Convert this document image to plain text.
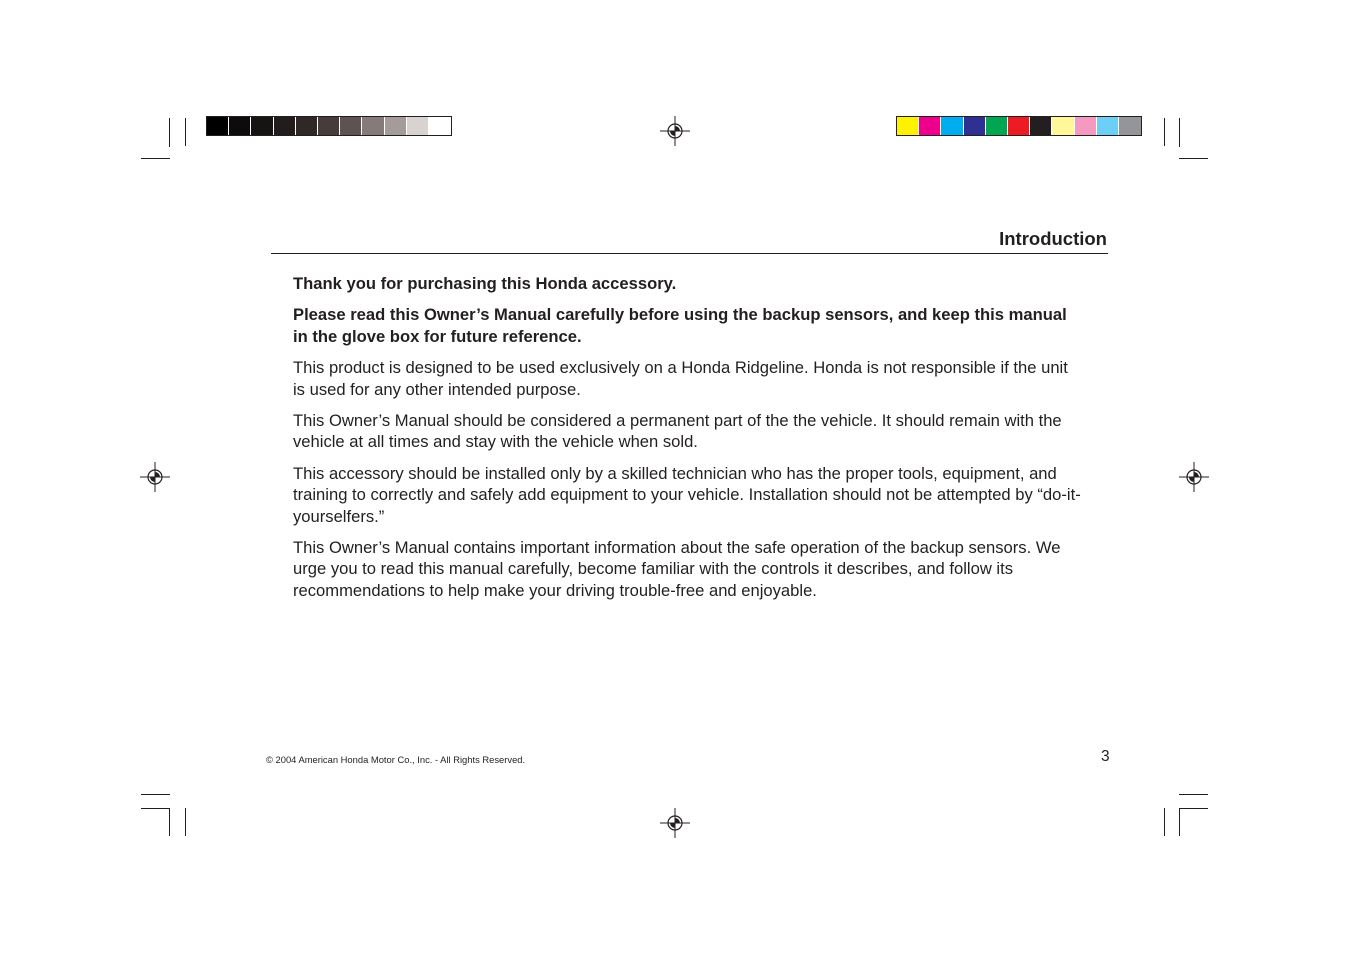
Introduction

Thank you for purchasing this Honda accessory.

Please read this Owner’s Manual carefully before using the backup sensors, and keep this manual in the glove box for future reference.

This product is designed to be used exclusively on a Honda Ridgeline. Honda is not responsible if the unit is used for any other intended purpose.

This Owner’s Manual should be considered a permanent part of the the vehicle. It should remain with the vehicle at all times and stay with the vehicle when sold.

This accessory should be installed only by a skilled technician who has the proper tools, equipment, and training to correctly and safely add equipment to your vehicle. Installation should not be attempted by “do-it-yourselfers.”

This Owner’s Manual contains important information about the safe operation of the backup sensors. We urge you to read this manual carefully, become familiar with the controls it describes, and follow its recommendations to help make your driving trouble-free and enjoyable.

© 2004 American Honda Motor Co., Inc. - All Rights Reserved.	3
